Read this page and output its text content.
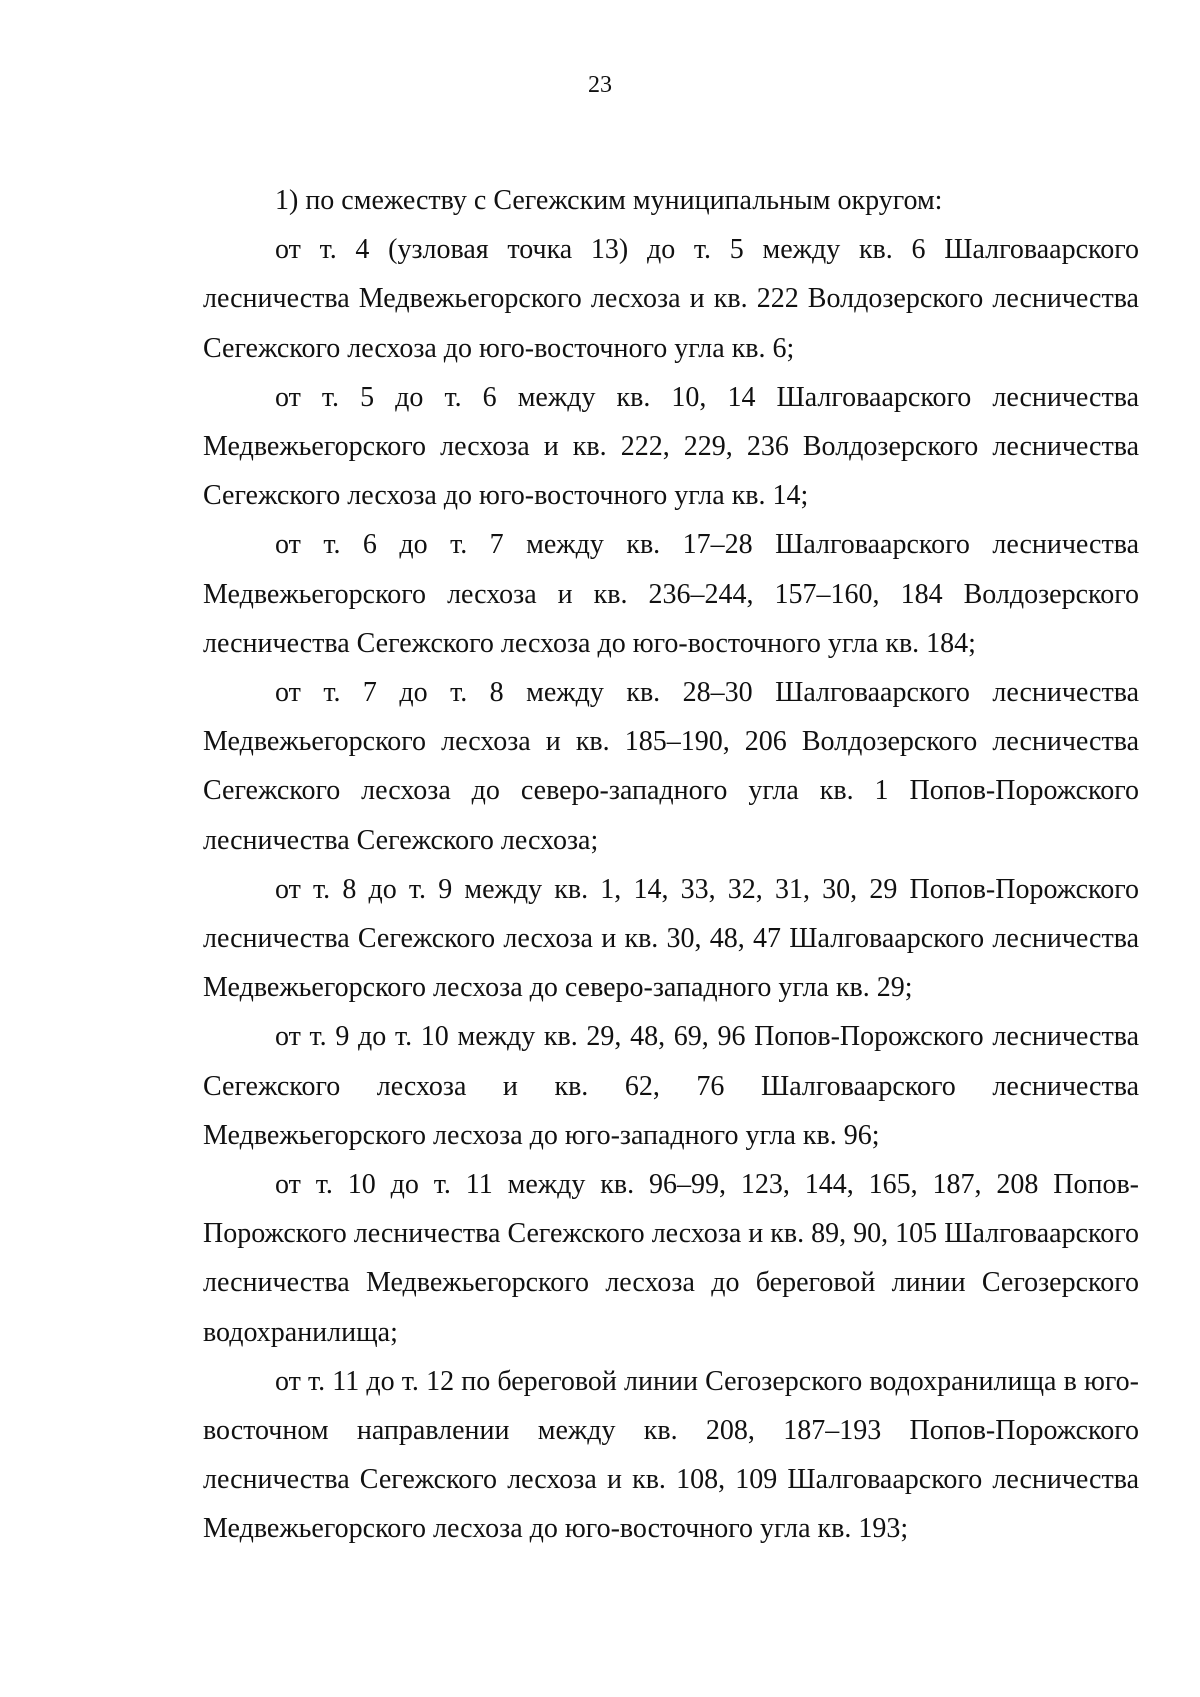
23

1) по смежеству с Сегежским муниципальным округом:

от т. 4 (узловая точка 13) до т. 5 между кв. 6 Шалговаарского лесничества Медвежьегорского лесхоза и кв. 222 Волдозерского лесничества Сегежского лесхоза до юго-восточного угла кв. 6;

от т. 5 до т. 6 между кв. 10, 14 Шалговаарского лесничества Медвежьегорского лесхоза и кв. 222, 229, 236 Волдозерского лесничества Сегежского лесхоза до юго-восточного угла кв. 14;

от т. 6 до т. 7 между кв. 17–28 Шалговаарского лесничества Медвежьегорского лесхоза и кв. 236–244, 157–160, 184 Волдозерского лесничества Сегежского лесхоза до юго-восточного угла кв. 184;

от т. 7 до т. 8 между кв. 28–30 Шалговаарского лесничества Медвежьегорского лесхоза и кв. 185–190, 206 Волдозерского лесничества Сегежского лесхоза до северо-западного угла кв. 1 Попов-Порожского лесничества Сегежского лесхоза;

от т. 8 до т. 9 между кв. 1, 14, 33, 32, 31, 30, 29 Попов-Порожского лесничества Сегежского лесхоза и кв. 30, 48, 47 Шалговаарского лесничества Медвежьегорского лесхоза до северо-западного угла кв. 29;

от т. 9 до т. 10 между кв. 29, 48, 69, 96 Попов-Порожского лесничества Сегежского лесхоза и кв. 62, 76 Шалговаарского лесничества Медвежьегорского лесхоза до юго-западного угла кв. 96;

от т. 10 до т. 11 между кв. 96–99, 123, 144, 165, 187, 208 Попов-Порожского лесничества Сегежского лесхоза и кв. 89, 90, 105 Шалговаарского лесничества Медвежьегорского лесхоза до береговой линии Сегозерского водохранилища;

от т. 11 до т. 12 по береговой линии Сегозерского водохранилища в юго-восточном направлении между кв. 208, 187–193 Попов-Порожского лесничества Сегежского лесхоза и кв. 108, 109 Шалговаарского лесничества Медвежьегорского лесхоза до юго-восточного угла кв. 193;
